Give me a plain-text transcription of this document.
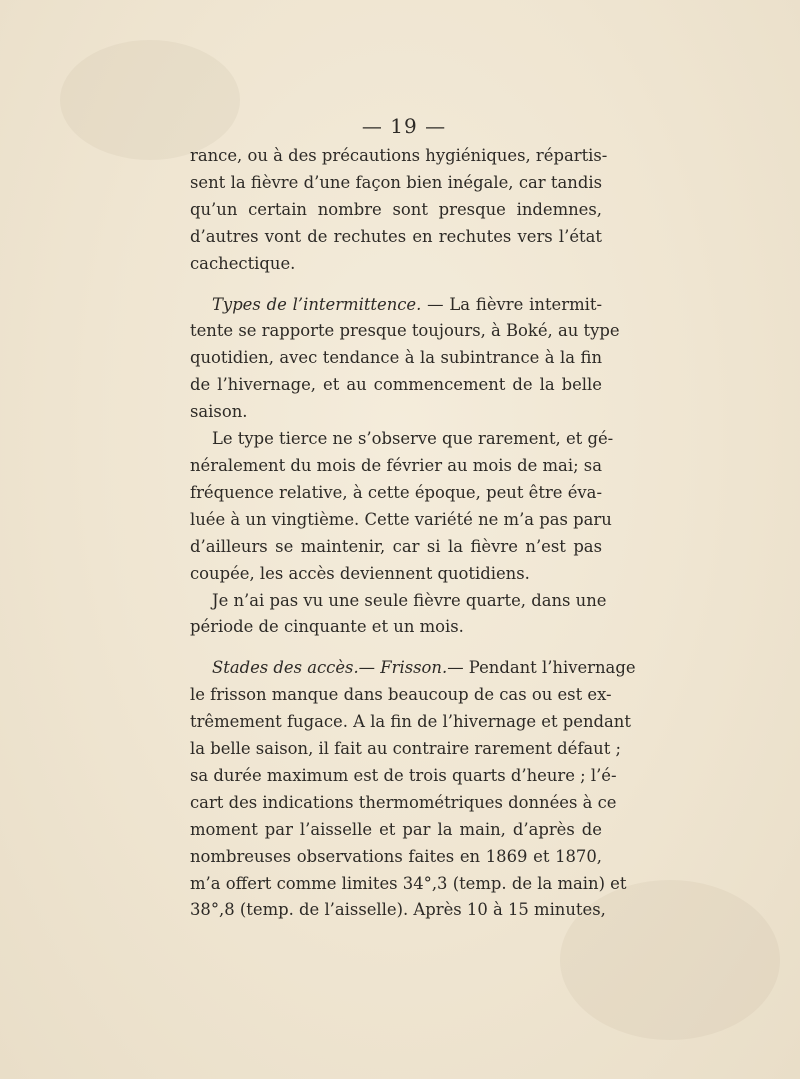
— 19 —
rance, ou à des précautions hygiéniques, répartis-
sent la fièvre d’une façon bien inégale, car tandis
qu’un certain nombre sont presque indemnes,
d’autres vont de rechutes en rechutes vers l’état
cachectique.
Types de l’intermittence. — La fièvre intermit-
tente se rapporte presque toujours, à Boké, au type
quotidien, avec tendance à la subintrance à la fin
de l’hivernage, et au commencement de la belle
saison.
Le type tierce ne s’observe que rarement, et gé-
néralement du mois de février au mois de mai; sa
fréquence relative, à cette époque, peut être éva-
luée à un vingtième. Cette variété ne m’a pas paru
d’ailleurs se maintenir, car si la fièvre n’est pas
coupée, les accès deviennent quotidiens.
Je n’ai pas vu une seule fièvre quarte, dans une
période de cinquante et un mois.
Stades des accès.— Frisson.— Pendant l’hivernage
le frisson manque dans beaucoup de cas ou est ex-
trêmement fugace. A la fin de l’hivernage et pendant
la belle saison, il fait au contraire rarement défaut ;
sa durée maximum est de trois quarts d’heure ; l’é-
cart des indications thermométriques données à ce
moment par l’aisselle et par la main, d’après de
nombreuses observations faites en 1869 et 1870,
m’a offert comme limites 34°,3 (temp. de la main) et
38°,8 (temp. de l’aisselle). Après 10 à 15 minutes,
